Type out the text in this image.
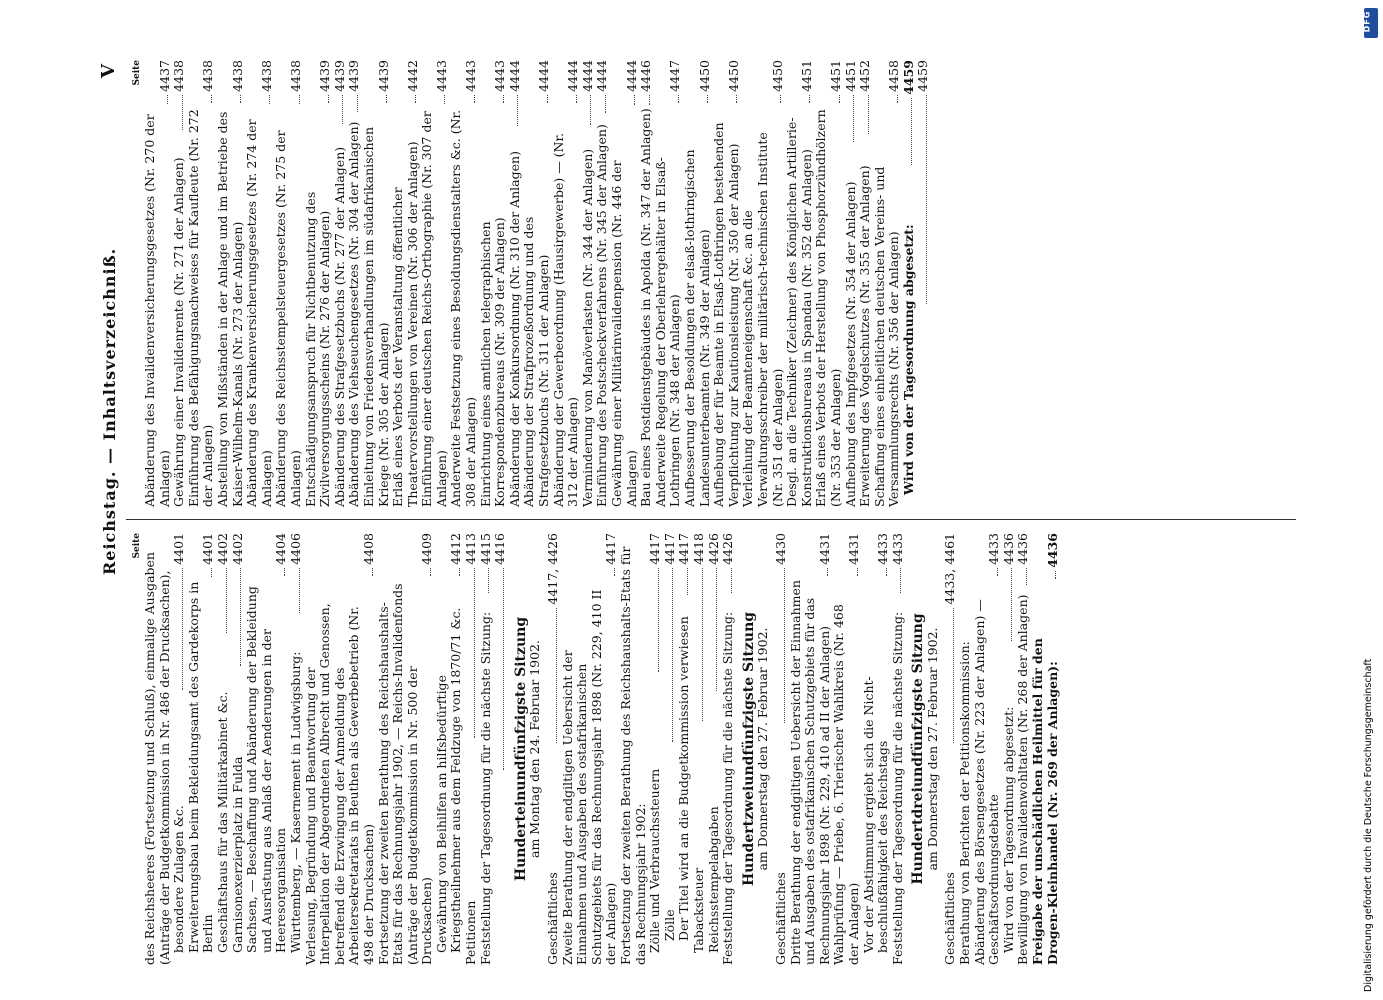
Reichstag. — Inhaltsverzeichniß.
V
Seite
des Reichsheeres (Fortsetzung und Schluß), einmalige Ausgaben (Anträge der Budgetkommission in Nr. 486 der Drucksachen), besondere Zulagen &c.
4401
Erweiterungsbau beim Bekleidungsamt des Gardekorps in Berlin
4401
Geschäftshaus für das Militärkabinet &c.
4402
Garnisonexerzierplatz in Fulda
4402
Sachsen, — Beschaffung und Abänderung der Bekleidung und Ausrüstung aus Anlaß der Aenderungen in der Heeresorganisation
4404
Württemberg, — Kasernement in Ludwigsburg:
4406
Verlesung, Begründung und Beantwortung der Interpellation der Abgeordneten Albrecht und Genossen, betreffend die Erzwingung der Anmeldung des Arbeitersekretariats in Beuthen als Gewerbebetrieb (Nr. 498 der Drucksachen)
4408
Fortsetzung der zweiten Berathung des Reichshaushalts-Etats für das Rechnungsjahr 1902, — Reichs-Invalidenfonds (Anträge der Budgetkommission in Nr. 500 der Drucksachen)
4409
Gewährung von Beihilfen an hilfsbedürftige Kriegstheilnehmer aus dem Feldzuge von 1870/71 &c.
4412
Petitionen
4413
Feststellung der Tagesordnung für die nächste Sitzung:
4415 4416
Hunderteinundfünfzigste Sitzung
am Montag den 24. Februar 1902.
Geschäftliches
4417, 4426
Zweite Berathung der endgiltigen Uebersicht der Einnahmen und Ausgaben des ostafrikanischen Schutzgebiets für das Rechnungsjahr 1898 (Nr. 229, 410 II der Anlagen)
4417 Fortsetzung der zweiten Berathung des Reichshaushalts-Etats für das Rechnungsjahr 1902: Zölle und Verbrauchssteuern
4417
Zölle
4417
Der Titel wird an die Budgetkommission verwiesen
4417
Tabacksteuer
4418
Reichsstempelabgaben
4426
Feststellung der Tagesordnung für die nächste Sitzung:
4426
Hundertzweiundfünfzigste Sitzung
am Donnerstag den 27. Februar 1902.
Geschäftliches
4430
Dritte Berathung der endgiltigen Uebersicht der Einnahmen und Ausgaben des ostafrikanischen Schutzgebiets für das Rechnungsjahr 1898 (Nr. 229, 410 ad II der Anlagen)
4431
Wahlprüfung — Priebe, 6. Trierischer Wahlkreis (Nr. 468 der Anlagen)
4431
Vor der Abstimmung ergiebt sich die Nicht-beschlußfähigkeit des Reichstags
4433
Feststellung der Tagesordnung für die nächste Sitzung:
4433
Hundertdreiundfünfzigste Sitzung
am Donnerstag den 27. Februar 1902.
Geschäftliches
4433, 4461
Berathung von Berichten der Petitionskommission: Abänderung des Börsengesetzes (Nr. 223 der Anlagen) — Geschäftsordnungsdebatte
4433
Wird von der Tagesordnung abgesetzt:
4436
Bewilligung von Invalidenwohltaten (Nr. 268 der Anlagen)
4436
Freigabe der unschädlichen Heilmittel für den Drogen-Kleinhandel (Nr. 269 der Anlagen):
4436
Seite
Abänderung des Invalidenversicherungsgesetzes (Nr. 270 der Anlagen)
4437
Gewährung einer Invalidenrente (Nr. 271 der Anlagen)
4438
Einführung des Befähigungsnachweises für Kaufleute (Nr. 272 der Anlagen)
4438
Abstellung von Mißständen in der Anlage und im Betriebe des Kaiser-Wilhelm-Kanals (Nr. 273 der Anlagen)
4438
Abänderung des Krankenversicherungsgesetzes (Nr. 274 der Anlagen)
4438
Abänderung des Reichsstempelsteuergesetzes (Nr. 275 der Anlagen)
4438
Entschädigungsanspruch für Nichtbenutzung des Zivilversorgungsscheins (Nr. 276 der Anlagen)
4439
Abänderung des Strafgesetzbuchs (Nr. 277 der Anlagen)
4439
Abänderung des Viehseuchengesetzes (Nr. 304 der Anlagen)
4439
Einleitung von Friedensverhandlungen im südafrikanischen Kriege (Nr. 305 der Anlagen)
4439
Erlaß eines Verbots der Veranstaltung öffentlicher Theatervorstellungen von Vereinen (Nr. 306 der Anlagen)
4442
Einführung einer deutschen Reichs-Orthographie (Nr. 307 der Anlagen)
4443
Anderweite Festsetzung eines Besoldungsdienstalters &c. (Nr. 308 der Anlagen)
4443
Einrichtung eines amtlichen telegraphischen Korrespondenzbureaus (Nr. 309 der Anlagen)
4443
Abänderung der Konkursordnung (Nr. 310 der Anlagen)
4444
Abänderung der Strafprozeßordnung und des Strafgesetzbuchs (Nr. 311 der Anlagen)
4444
Abänderung der Gewerbeordnung (Hausirgewerbe) — (Nr. 312 der Anlagen)
4444
Verminderung von Manöverlasten (Nr. 344 der Anlagen)
4444
Einführung des Postscheckverfahrens (Nr. 345 der Anlagen)
4444
Gewährung einer Militärinvalidenpension (Nr. 446 der Anlagen)
4444
Bau eines Postdienstgebäudes in Apolda (Nr. 347 der Anlagen)
4446
Anderweite Regelung der Oberlehrergehälter in Elsaß-Lothringen (Nr. 348 der Anlagen)
4447
Aufbesserung der Besoldungen der elsaß-lothringischen Landesunterbeamten (Nr. 349 der Anlagen)
4450
Aufhebung der für Beamte in Elsaß-Lothringen bestehenden Verpflichtung zur Kautionsleistung (Nr. 350 der Anlagen)
4450
Verleihung der Beamteneigenschaft &c. an die Verwaltungsschreiber der militärisch-technischen Institute (Nr. 351 der Anlagen)
4450
Desgl. an die Techniker (Zeichner) des Königlichen Artillerie-Konstruktionsbureaus in Spandau (Nr. 352 der Anlagen)
4451
Erlaß eines Verbots der Herstellung von Phosphorzündhölzern (Nr. 353 der Anlagen)
4451
Aufhebung des Impfgesetzes (Nr. 354 der Anlagen)
4451
Erweiterung des Vogelschutzes (Nr. 355 der Anlagen)
4452
Schaffung eines einheitlichen deutschen Vereins- und Versammlungsrechts (Nr. 356 der Anlagen)
4458
Wird von der Tagesordnung abgesetzt:
4459 4459
Digitalisierung gefördert durch die Deutsche Forschungsgemeinschaft
DFG
